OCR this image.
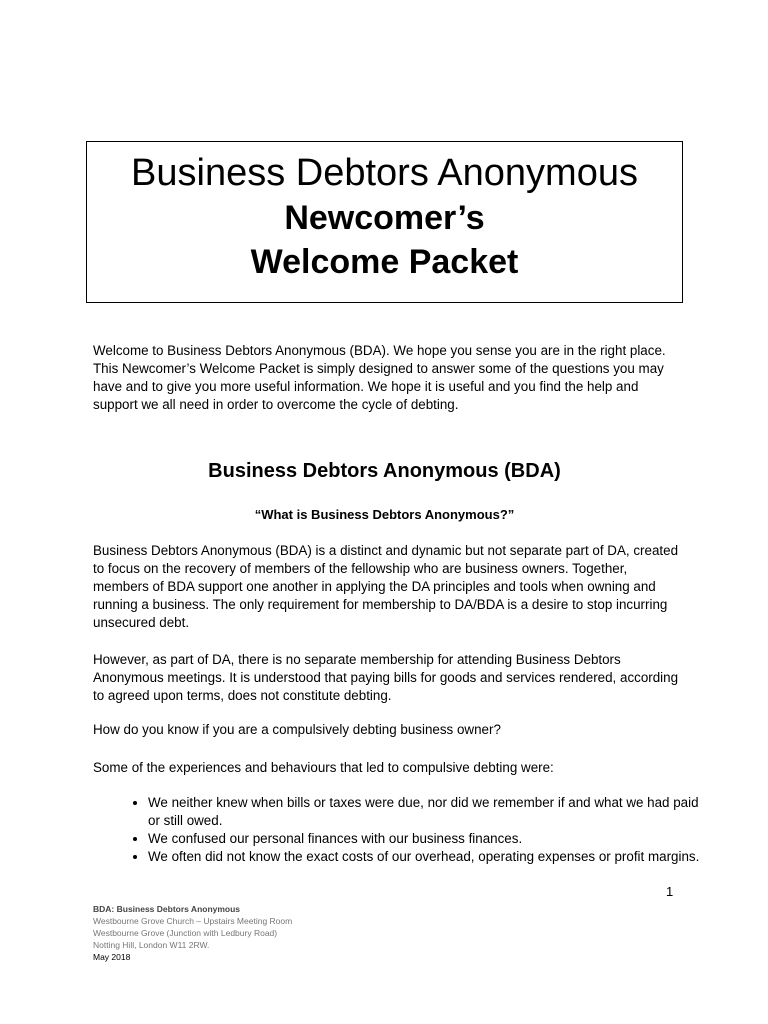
Business Debtors Anonymous
Newcomer’s
Welcome Packet

Welcome to Business Debtors Anonymous (BDA). We hope you sense you are in the right place. This Newcomer’s Welcome Packet is simply designed to answer some of the questions you may have and to give you more useful information. We hope it is useful and you find the help and support we all need in order to overcome the cycle of debting.

Business Debtors Anonymous (BDA)
“What is Business Debtors Anonymous?”

Business Debtors Anonymous (BDA) is a distinct and dynamic but not separate part of DA, created to focus on the recovery of members of the fellowship who are business owners. Together, members of BDA support one another in applying the DA principles and tools when owning and running a business. The only requirement for membership to DA/BDA is a desire to stop incurring unsecured debt.

However, as part of DA, there is no separate membership for attending Business Debtors Anonymous meetings. It is understood that paying bills for goods and services rendered, according to agreed upon terms, does not constitute debting.

How do you know if you are a compulsively debting business owner?

Some of the experiences and behaviours that led to compulsive debting were:

• We neither knew when bills or taxes were due, nor did we remember if and what we had paid or still owed.
• We confused our personal finances with our business finances.
• We often did not know the exact costs of our overhead, operating expenses or profit margins.
1
BDA: Business Debtors Anonymous
Westbourne Grove Church – Upstairs Meeting Room
Westbourne Grove (Junction with Ledbury Road)
Notting Hill, London W11 2RW.
May 2018
